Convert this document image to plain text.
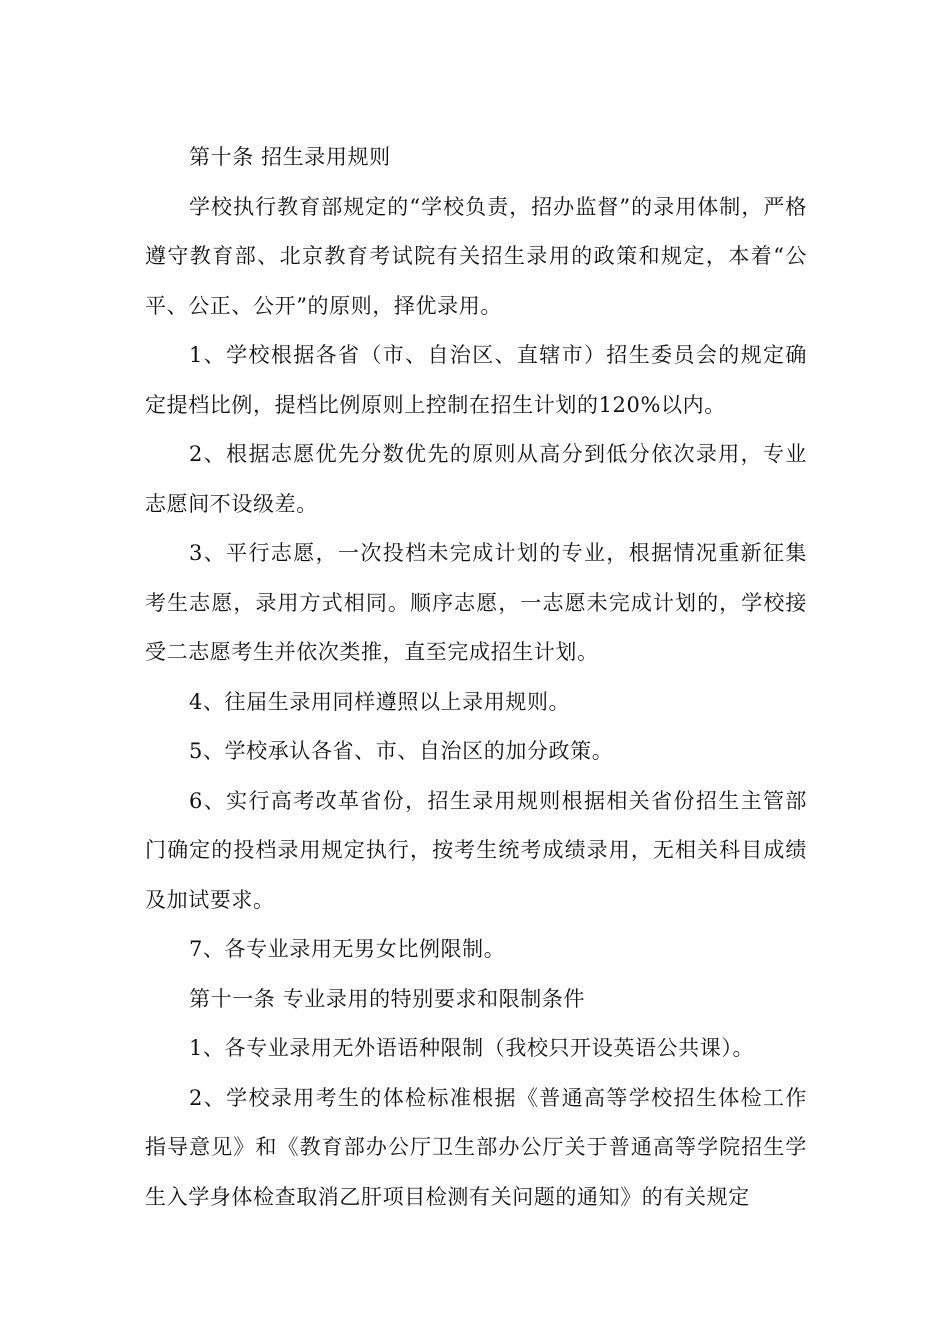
第十条 招生录用规则

学校执行教育部规定的“学校负责，招办监督”的录用体制，严格遵守教育部、北京教育考试院有关招生录用的政策和规定，本着“公平、公正、公开”的原则，择优录用。

1、学校根据各省（市、自治区、直辖市）招生委员会的规定确定提档比例，提档比例原则上控制在招生计划的120%以内。

2、根据志愿优先分数优先的原则从高分到低分依次录用，专业志愿间不设级差。

3、平行志愿，一次投档未完成计划的专业，根据情况重新征集考生志愿，录用方式相同。顺序志愿，一志愿未完成计划的，学校接受二志愿考生并依次类推，直至完成招生计划。

4、往届生录用同样遵照以上录用规则。

5、学校承认各省、市、自治区的加分政策。

6、实行高考改革省份，招生录用规则根据相关省份招生主管部门确定的投档录用规定执行，按考生统考成绩录用，无相关科目成绩及加试要求。

7、各专业录用无男女比例限制。

第十一条 专业录用的特别要求和限制条件

1、各专业录用无外语语种限制（我校只开设英语公共课）。

2、学校录用考生的体检标准根据《普通高等学校招生体检工作指导意见》和《教育部办公厅卫生部办公厅关于普通高等学院招生学生入学身体检查取消乙肝项目检测有关问题的通知》的有关规定
